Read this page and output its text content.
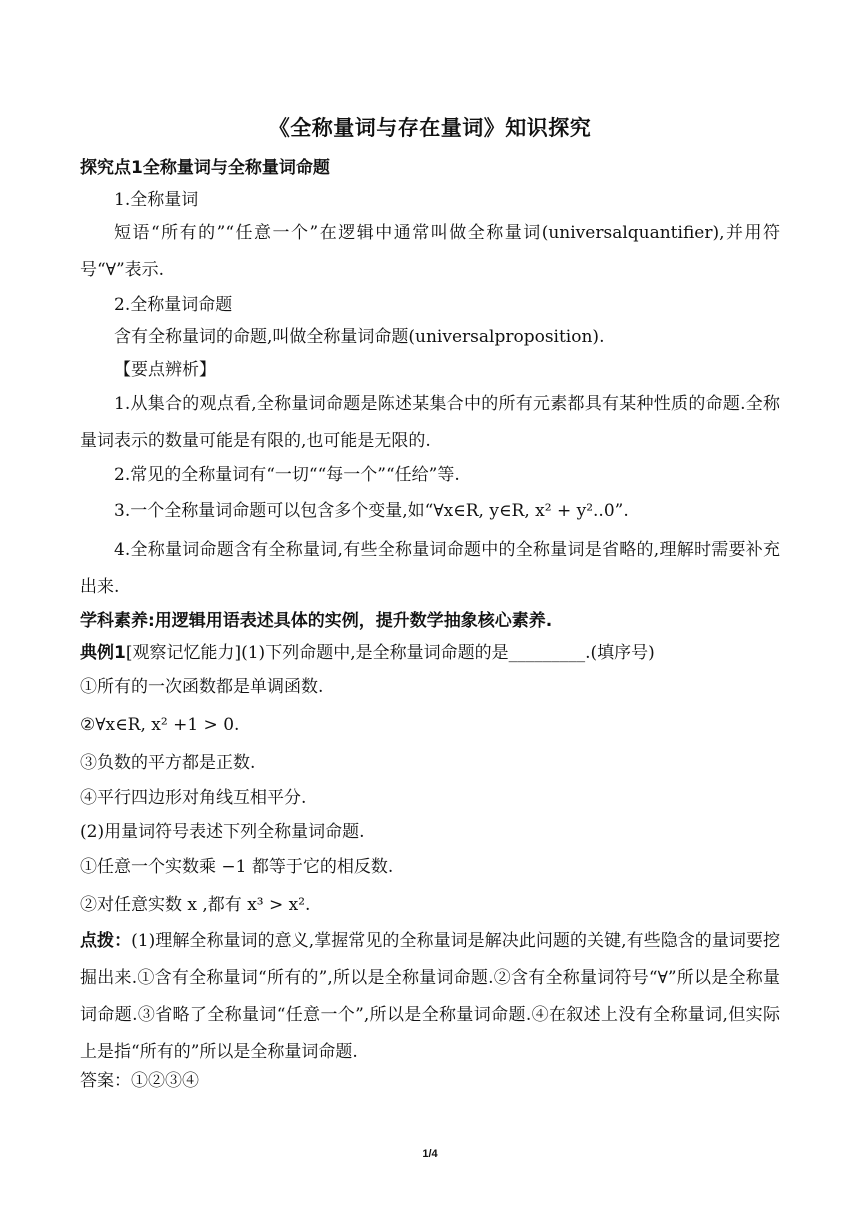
《全称量词与存在量词》知识探究
探究点1全称量词与全称量词命题
1.全称量词
短语“所有的”“任意一个”在逻辑中通常叫做全称量词(universalquantifier),并用符号“∀”表示.
2.全称量词命题
含有全称量词的命题,叫做全称量词命题(universalproposition).
【要点辨析】
1.从集合的观点看,全称量词命题是陈述某集合中的所有元素都具有某种性质的命题.全称量词表示的数量可能是有限的,也可能是无限的.
2.常见的全称量词有“一切““每一个”“任给”等.
3.一个全称量词命题可以包含多个变量,如“∀x∈R, y∈R, x² + y²..0”.
4.全称量词命题含有全称量词,有些全称量词命题中的全称量词是省略的,理解时需要补充出来.
学科素养:用逻辑用语表述具体的实例，提升数学抽象核心素养.
典例1[观察记忆能力](1)下列命题中,是全称量词命题的是_________.(填序号)
①所有的一次函数都是单调函数.
②∀x∈R, x² +1 > 0.
③负数的平方都是正数.
④平行四边形对角线互相平分.
(2)用量词符号表述下列全称量词命题.
①任意一个实数乘 −1 都等于它的相反数.
②对任意实数 x ,都有 x³ > x².
点拨：(1)理解全称量词的意义,掌握常见的全称量词是解决此问题的关键,有些隐含的量词要挖掘出来.①含有全称量词“所有的”,所以是全称量词命题.②含有全称量词符号“∀”所以是全称量词命题.③省略了全称量词“任意一个”,所以是全称量词命题.④在叙述上没有全称量词,但实际上是指“所有的”所以是全称量词命题.
答案：①②③④
1/4
